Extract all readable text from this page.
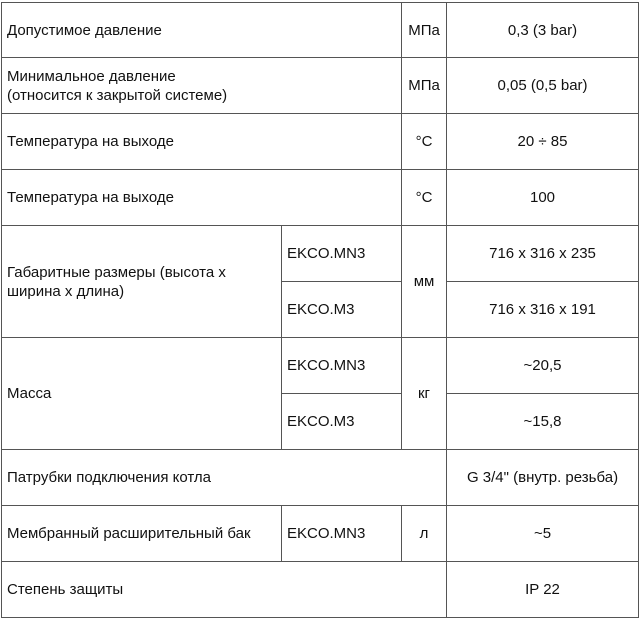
Допустимое давление		МПа	0,3 (3 bar)
Минимальное давление
(относится к закрытой системе)		МПа	0,05 (0,5 bar)
Температура на выходе		°C	20 ÷ 85
Температура на выходе		°C	100
Габаритные размеры (высота х
ширина х длина)	EKCO.MN3	мм	716 x 316 x 235
	EKCO.M3		716 x 316 x 191
Масса	EKCO.MN3	кг	~20,5
	EKCO.M3		~15,8
Патрубки подключения котла			G 3/4" (внутр. резьба)
Мембранный расширительный бак	EKCO.MN3	л	~5
Степень защиты			IP 22
